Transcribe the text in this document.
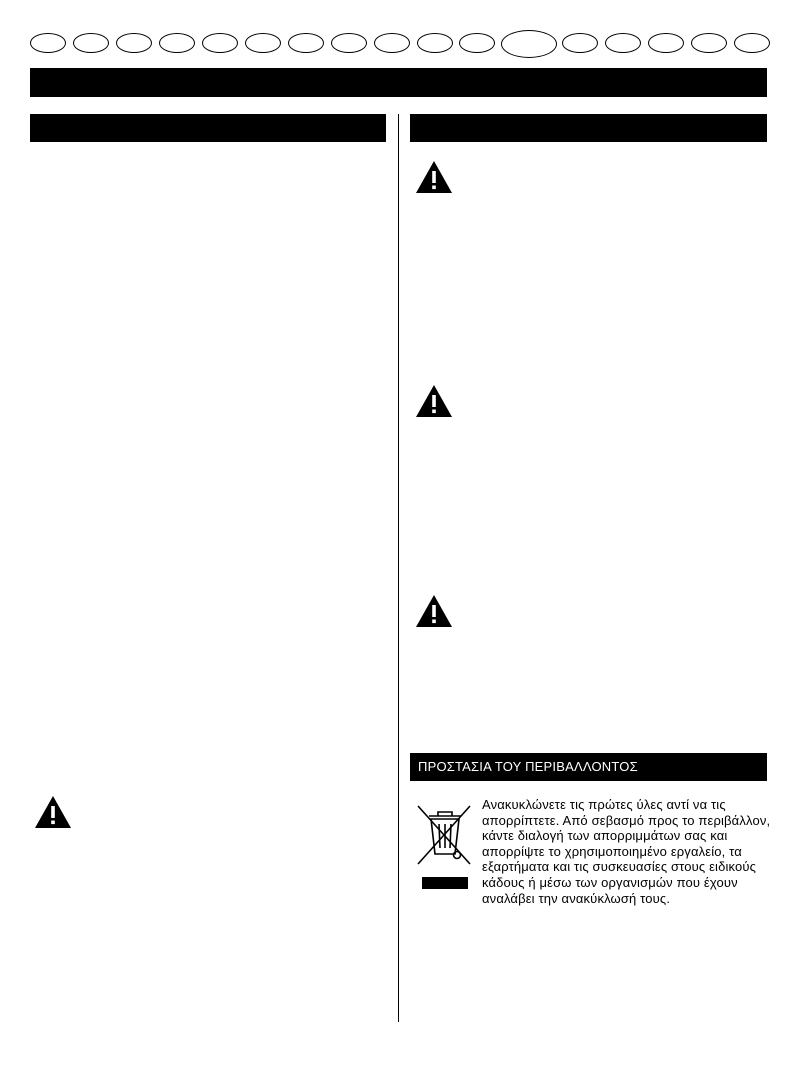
ΠΡΟΣΤΑΣΙΑ ΤΟΥ ΠΕΡΙΒΑΛΛΟΝΤΟΣ
Ανακυκλώνετε τις πρώτες ύλες αντί να τις απορρίπτετε. Από σεβασμό προς το περιβάλλον, κάντε διαλογή των απορριμμάτων σας και απορρίψτε το χρησιμοποιημένο εργαλείο, τα εξαρτήματα και τις συσκευασίες στους ειδικούς κάδους ή μέσω των οργανισμών που έχουν αναλάβει την ανακύκλωσή τους.
